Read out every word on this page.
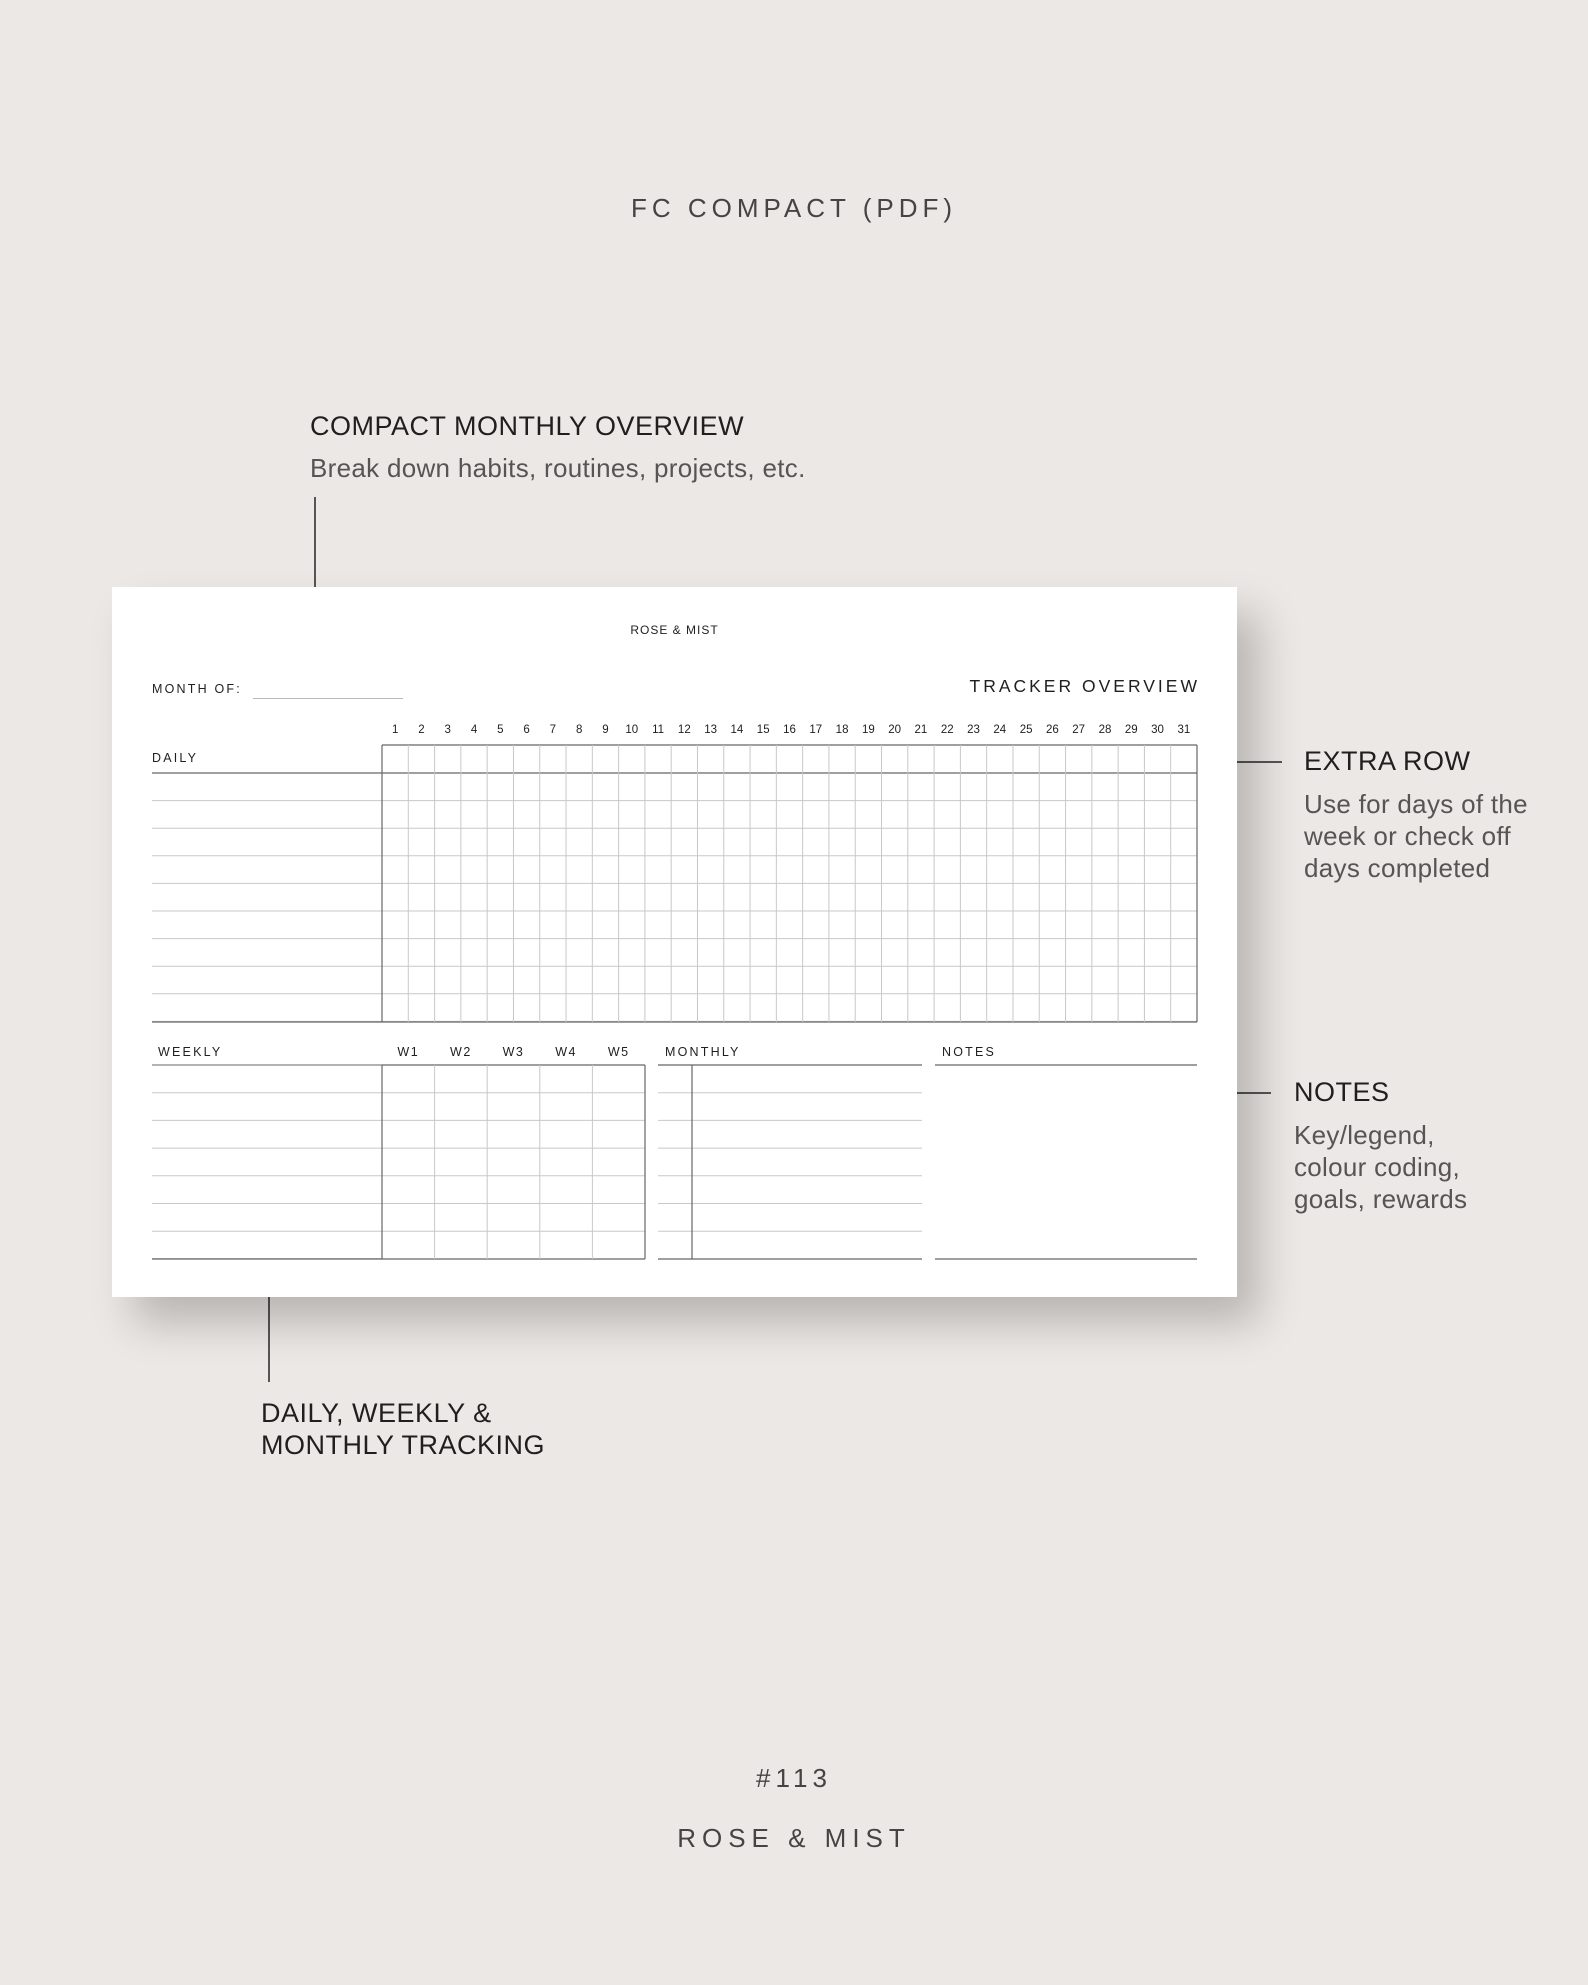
FC COMPACT (PDF)
COMPACT MONTHLY OVERVIEW
Break down habits, routines, projects, etc.
EXTRA ROW
Use for days of the
week or check off
days completed
NOTES
Key/legend,
colour coding,
goals, rewards
DAILY, WEEKLY &
MONTHLY TRACKING
ROSE & MIST
MONTH OF:	TRACKER OVERVIEW
DAILY
WEEKLY	MONTHLY	NOTES
1	2	3	4	5	6	7	8	9	10	11	12	13	14	15	16	17	18	19	20	21	22	23	24	25	26	27	28	29	30	31
W1	W2	W3	W4	W5
#113
ROSE & MIST
